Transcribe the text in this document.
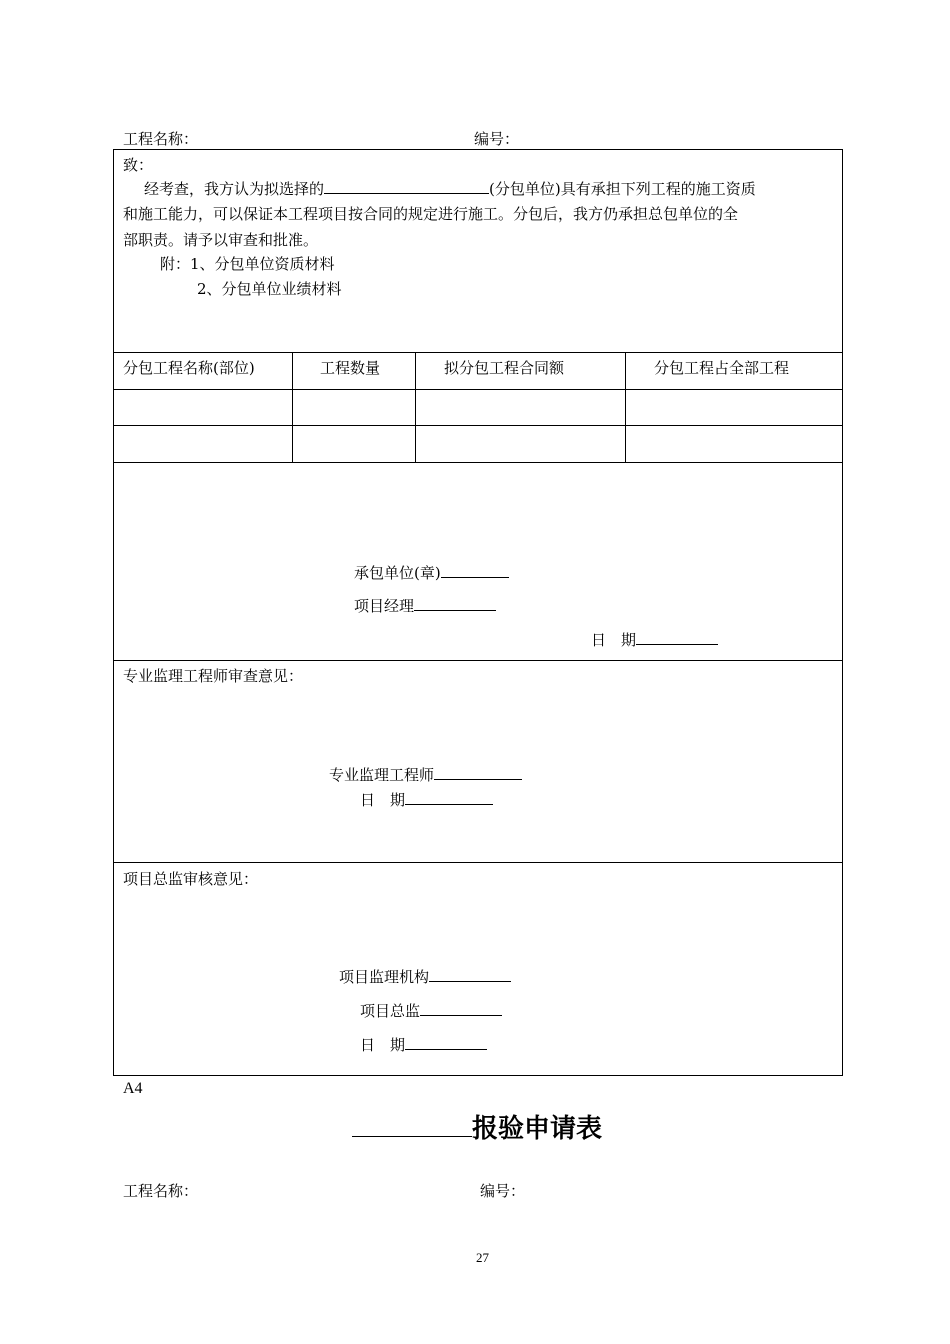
工程名称：	编号：
致：
经考查，我方认为拟选择的	(分包单位)具有承担下列工程的施工资质
和施工能力，可以保证本工程项目按合同的规定进行施工。分包后，我方仍承担总包单位的全
部职责。请予以审查和批准。
附：1、分包单位资质材料
2、分包单位业绩材料
分包工程名称(部位)	工程数量	拟分包工程合同额	分包工程占全部工程
承包单位(章)
项目经理
日　期
专业监理工程师审查意见：
专业监理工程师
日　期
项目总监审核意见：
项目监理机构
项目总监
日　期
A4
报验申请表
工程名称：	编号：
27
